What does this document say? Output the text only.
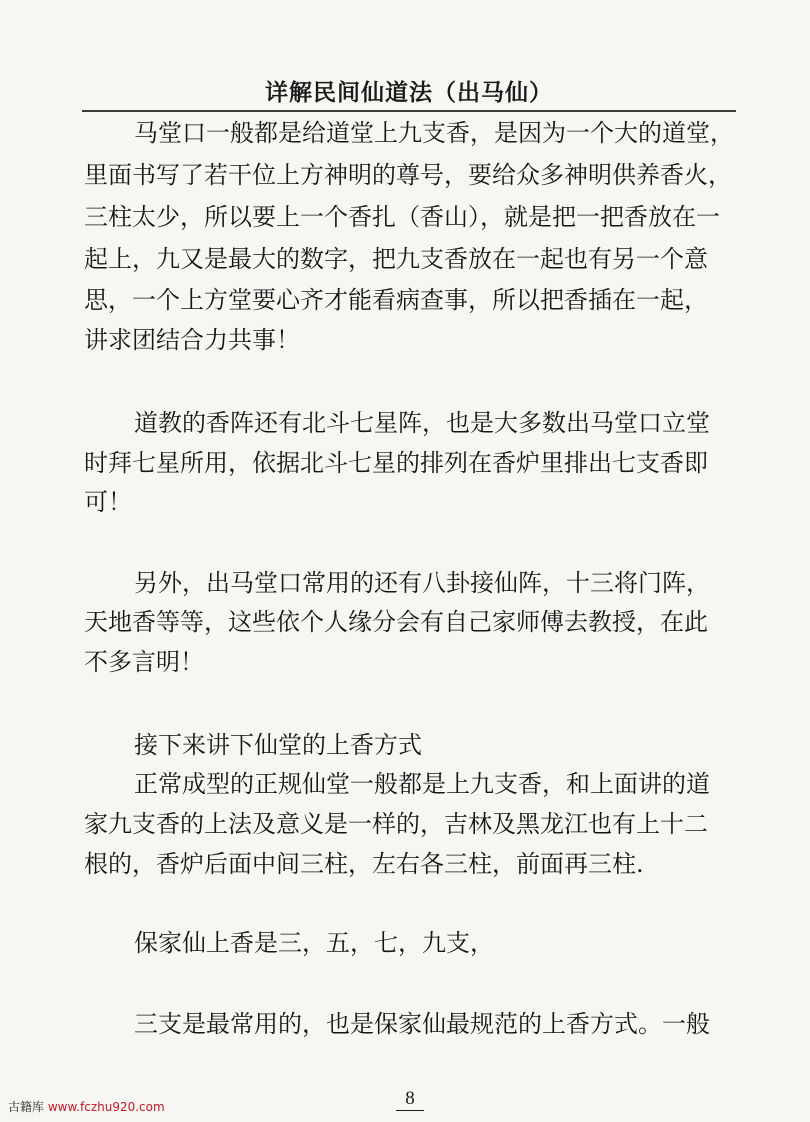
详解民间仙道法（出马仙）
马堂口一般都是给道堂上九支香，是因为一个大的道堂，
里面书写了若干位上方神明的尊号，要给众多神明供养香火，
三柱太少，所以要上一个香扎（香山），就是把一把香放在一
起上，九又是最大的数字，把九支香放在一起也有另一个意
思，一个上方堂要心齐才能看病查事，所以把香插在一起，
讲求团结合力共事！
道教的香阵还有北斗七星阵，也是大多数出马堂口立堂
时拜七星所用，依据北斗七星的排列在香炉里排出七支香即
可！
另外，出马堂口常用的还有八卦接仙阵，十三将门阵，
天地香等等，这些依个人缘分会有自己家师傅去教授，在此
不多言明！
接下来讲下仙堂的上香方式
正常成型的正规仙堂一般都是上九支香，和上面讲的道
家九支香的上法及意义是一样的，吉林及黑龙江也有上十二
根的，香炉后面中间三柱，左右各三柱，前面再三柱.
保家仙上香是三，五，七，九支，
三支是最常用的，也是保家仙最规范的上香方式。一般
古籍库 www.fczhu920.com	8
